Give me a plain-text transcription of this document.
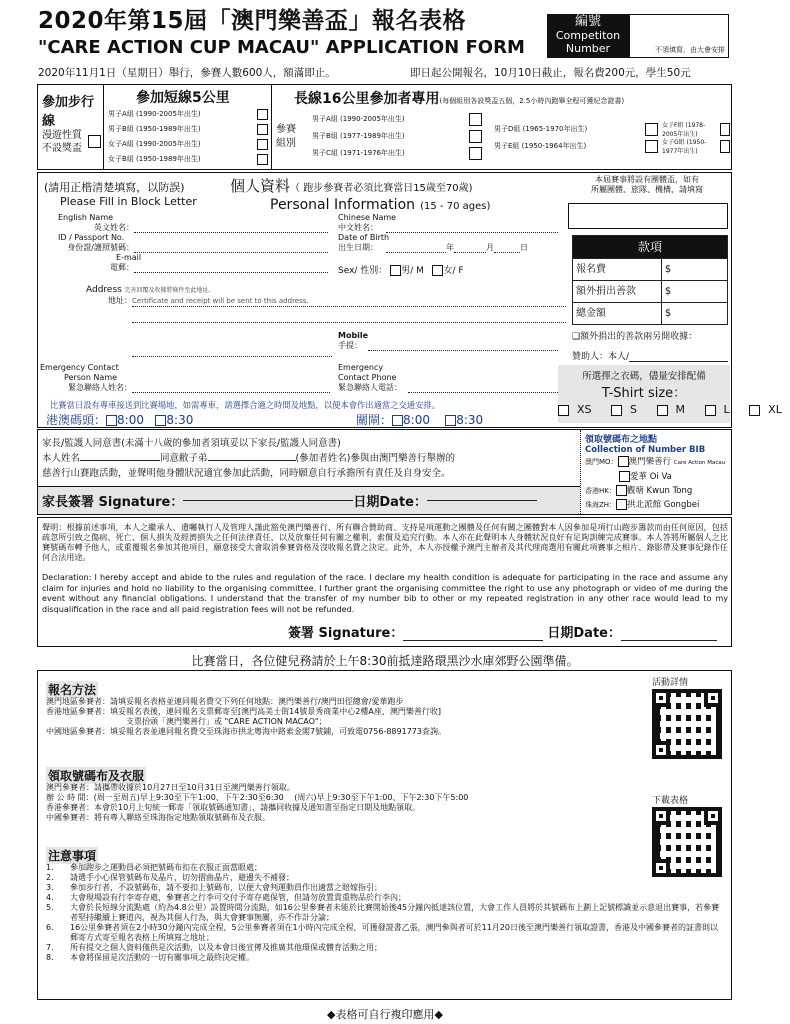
2020年第15屆「澳門樂善盃」報名表格
"CARE ACTION CUP MACAU" APPLICATION FORM
編號
Competiton
Number	不須填寫，由大會安排
2020年11月1日（星期日）舉行，參賽人數600人，額滿即止。	即日起公開報名，10月10日截止，報名費200元，學生50元
參加步行線
漫遊性質
不設獎盃
參加短線5公里
男子A組 (1990-2005年出生)
男子B組 (1950-1989年出生)
女子A組 (1990-2005年出生)
女子B組 (1950-1989年出生)
長線16公里參加者專用(每個組別各設獎盃五個，2.5小時內跑畢全程可獲紀念證書)
參賽
組別
男子A組 (1990-2005年出生)
男子B組 (1977-1989年出生)
男子C組 (1971-1976年出生)
男子D組 (1965-1970年出生)
男子E組 (1950-1964年出生)
女子F組 (1978-2005年出生)
女子G組 (1950-1977年出生)
(請用正楷清楚填寫，以防誤)
Please Fill in Block Letter
個人資料（ 跑步參賽者必須比賽當日15歲至70歲)
Personal Information (15 - 70 ages)
本屆賽事將設有團體盃，如有
所屬團體、旅隊、機構，請填寫
English Name
英文姓名：
ID / Passport No.
身份證/護照號碼：
E-mail
電郵：
Address 完善回覆及收據將條件至此地址。
地址： Certificate and receipt will be sent to this address.
Chinese Name
中文姓名：
Date of Birth
出生日期：	年	月	日
Sex/ 性別： 男/ M 女/ F
Mobile
手提：
Emergency Contact
Person Name
緊急聯絡人姓名：
Emergency
Contact Phone
緊急聯絡人電話：
比賽當日設有專車接送到比賽場地，如需專車，請選擇合適之時間及地點，以便本會作出適當之交通安排。
港澳碼頭： 8:00 8:30	關閘： 8:00 8:30
款項
報名費	$
額外捐出善款	$
總金額	$
❑額外捐出的善款兩另開收據：
贊助人：本人/
所選擇之衣碼，儘量安排配備
T-Shirt size：
XS	S	M	L	XL
家長/監護人同意書(未滿十八歲的參加者須填妥以下家長/監護人同意書)
本人姓名	同意敝子弟	(參加者姓名)參與由澳門樂善行舉辦的
慈善行山賽跑活動，並聲明他身體狀況適宜參加此活動，同時願意自行承擔所有責任及自身安全。
家長簽署 Signature：	日期Date：
領取號碼布之地點
Collection of Number BIB
澳門MO： 澳門樂善行 Care Action Macau
愛華 Oi Va
香港HK： 觀塘 Kwun Tong
珠海ZH： 拱北派館 Gongbei
聲明：根據前述事項，本人之繼承人、遺囑執行人及管理人謹此豁免澳門樂善行、所有聯合贊助商、支持是項運動之團體及任何有關之團體對本人因參加是項行山跑步籌款而由任何原因，包括疏忽所引致之傷病、死亡、個人損失及經濟損失之任何法律責任，以及放棄任何有關之權利，索償及追究行動。本人亦在此聲明本人身體狀況良好有足夠訓練完成賽事。本人答將所屬個人之比賽號碼布轉予他人，或重覆報名參加其他項目，願意接受大會取消參賽資格及沒收報名費之決定。此外，本人亦授權予澳門主辦者及其代理商選用有關此項賽事之相片、錄影帶及賽事紀錄作任何合法用途。
Declaration: I hereby accept and abide to the rules and regulation of the race. I declare my health condition is adequate for participating in the race and assume any claim for injuries and hold no liability to the organising committee. I further grant the organising committee the right to use any photograph or video of me during the event without any financial obligations. I understand that the transfer of my number bib to other or my repeated registration in any other race would lead to my disqualification in the race and all paid registration fees will not be refunded.
簽署 Signature：	日期Date：
比賽當日，各位健兒務請於上午8:30前抵達路環黑沙水庫郊野公園準備。
報名方法
澳門地區參賽者： 請填妥報名表格並連同報名費交下列任何地點：澳門樂善行/澳門田徑總會/愛華跑步
香港地區參賽者： 填妥報名表後，連同報名支票郵寄至[澳門高美士街14號景秀商業中心2樓A座，澳門樂善行收]
支票抬頭「澳門樂善行」或 "CARE ACTION MACAO"；
中國地區參賽者： 填妥報名表並連同報名費交至珠海市拱北粵海中路索金閣7號鋪，可致電0756-8891773查詢。
活動詳情
領取號碼布及衣服
澳門參賽者： 請攜帶收據於10月27日至10月31日至澳門樂善行領取。
辦 公 時 間： (周一至周五)早上9:30至下午1:00、下午2:30至6:30 　(周六)早上9:30至下午1:00、下午2:30下午5:00
香港參賽者： 本會於10月上旬統一郵寄「領取號碼通知書」，請攜同收據及通知書至指定日期及地點領取。
中國參賽者： 將有專人聯絡至珠海指定地點領取號碼布及衣服。
下載表格
注意事項
1.	參加跑步之運動員必須把號碼布扣在衣服正面當眼處；
2.	請選手小心保管號碼布及晶片，切勿摺曲晶片，避邊失不補發；
3.	參加步行者，不設號碼布，請不要扣上號碼布，以便大會判運動員作出適當之賠嫁指引；
4.	大會現場設有行李寄存處，參賽者之行李可交付予寄存處保管，但請勿放置貴重物品於行李內；
5.	大會於長短線分流點處（約為4.8公里）設置時間分流點，如16公里參賽者未能於比賽開始後45分鐘內抵達該位置，大會工作人員將於其號碼布上劃上記號標識並示意退出賽事，若參賽者堅持繼續上賽道內，視為其個人行為，與大會賽事無關，亦不作計分論；
6.	16公里參賽者須在2小時30分鐘內完成全程，5公里參賽者須在1小時內完成全程，可獲發證書乙張，澳門參與者可於11月20日後至澳門樂善行領取證書，香港及中國參賽者的証書則以郵寄方式寄至報名表格上所填寫之地址；
7.	所有提交之個人資料僅供是次活動，以及本會日後宣傳及推廣其他環保或體育活動之用；
8.	本會將保留是次活動的一切有關事項之最終決定權。
◆表格可自行複印應用◆
